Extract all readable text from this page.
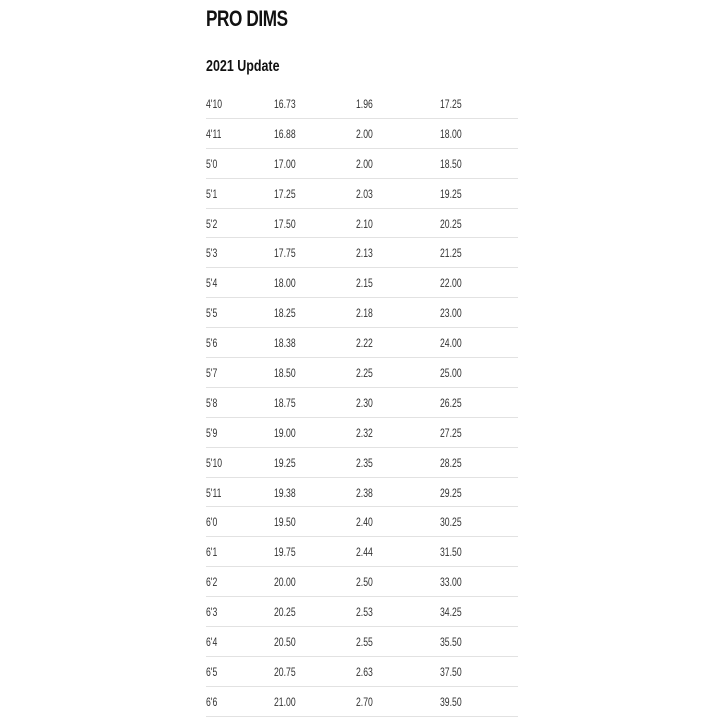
PRO DIMS
2021 Update
4'10	16.73	1.96	17.25
4'11	16.88	2.00	18.00
5'0	17.00	2.00	18.50
5'1	17.25	2.03	19.25
5'2	17.50	2.10	20.25
5'3	17.75	2.13	21.25
5'4	18.00	2.15	22.00
5'5	18.25	2.18	23.00
5'6	18.38	2.22	24.00
5'7	18.50	2.25	25.00
5'8	18.75	2.30	26.25
5'9	19.00	2.32	27.25
5'10	19.25	2.35	28.25
5'11	19.38	2.38	29.25
6'0	19.50	2.40	30.25
6'1	19.75	2.44	31.50
6'2	20.00	2.50	33.00
6'3	20.25	2.53	34.25
6'4	20.50	2.55	35.50
6'5	20.75	2.63	37.50
6'6	21.00	2.70	39.50
